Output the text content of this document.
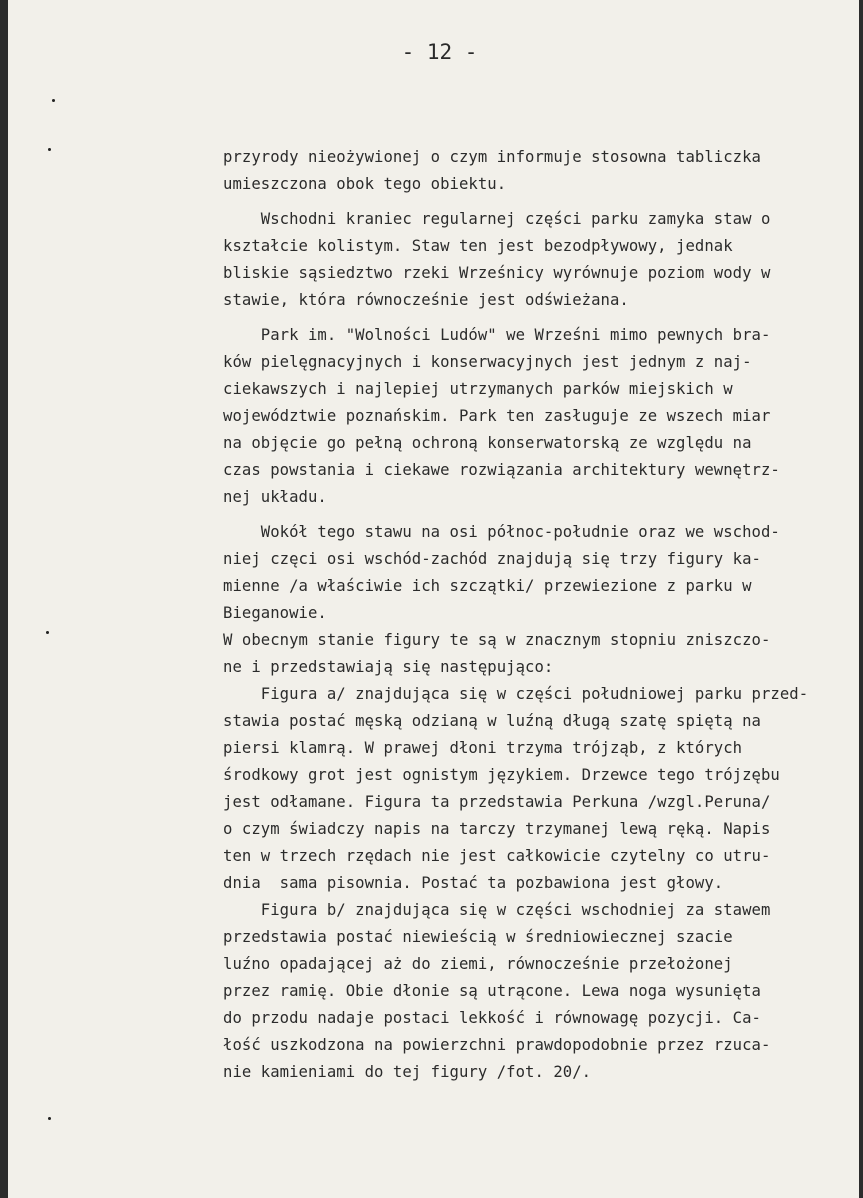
- 12 -
przyrody nieożywionej o czym informuje stosowna tabliczka
umieszczona obok tego obiektu.
Wschodni kraniec regularnej części parku zamyka staw o
kształcie kolistym. Staw ten jest bezodpływowy, jednak
bliskie sąsiedztwo rzeki Wrześnicy wyrównuje poziom wody w
stawie, która równocześnie jest odświeżana.
Park im. "Wolności Ludów" we Wrześni mimo pewnych bra-
ków pielęgnacyjnych i konserwacyjnych jest jednym z naj-
ciekawszych i najlepiej utrzymanych parków miejskich w
województwie poznańskim. Park ten zasługuje ze wszech miar
na objęcie go pełną ochroną konserwatorską ze względu na
czas powstania i ciekawe rozwiązania architektury wewnętrz-
nej układu.
Wokół tego stawu na osi północ-południe oraz we wschod-
niej częci osi wschód-zachód znajdują się trzy figury ka-
mienne /a właściwie ich szczątki/ przewiezione z parku w
Bieganowie.
W obecnym stanie figury te są w znacznym stopniu zniszczo-
ne i przedstawiają się następująco:
Figura a/ znajdująca się w części południowej parku przed-
stawia postać męską odzianą w luźną długą szatę spiętą na
piersi klamrą. W prawej dłoni trzyma trójząb, z których
środkowy grot jest ognistym językiem. Drzewce tego trójzębu
jest odłamane. Figura ta przedstawia Perkuna /wzgl.Peruna/
o czym świadczy napis na tarczy trzymanej lewą ręką. Napis
ten w trzech rzędach nie jest całkowicie czytelny co utru-
dnia  sama pisownia. Postać ta pozbawiona jest głowy.
Figura b/ znajdująca się w części wschodniej za stawem
przedstawia postać niewieścią w średniowiecznej szacie
luźno opadającej aż do ziemi, równocześnie przełożonej
przez ramię. Obie dłonie są utrącone. Lewa noga wysunięta
do przodu nadaje postaci lekkość i równowagę pozycji. Ca-
łość uszkodzona na powierzchni prawdopodobnie przez rzuca-
nie kamieniami do tej figury /fot. 20/.
